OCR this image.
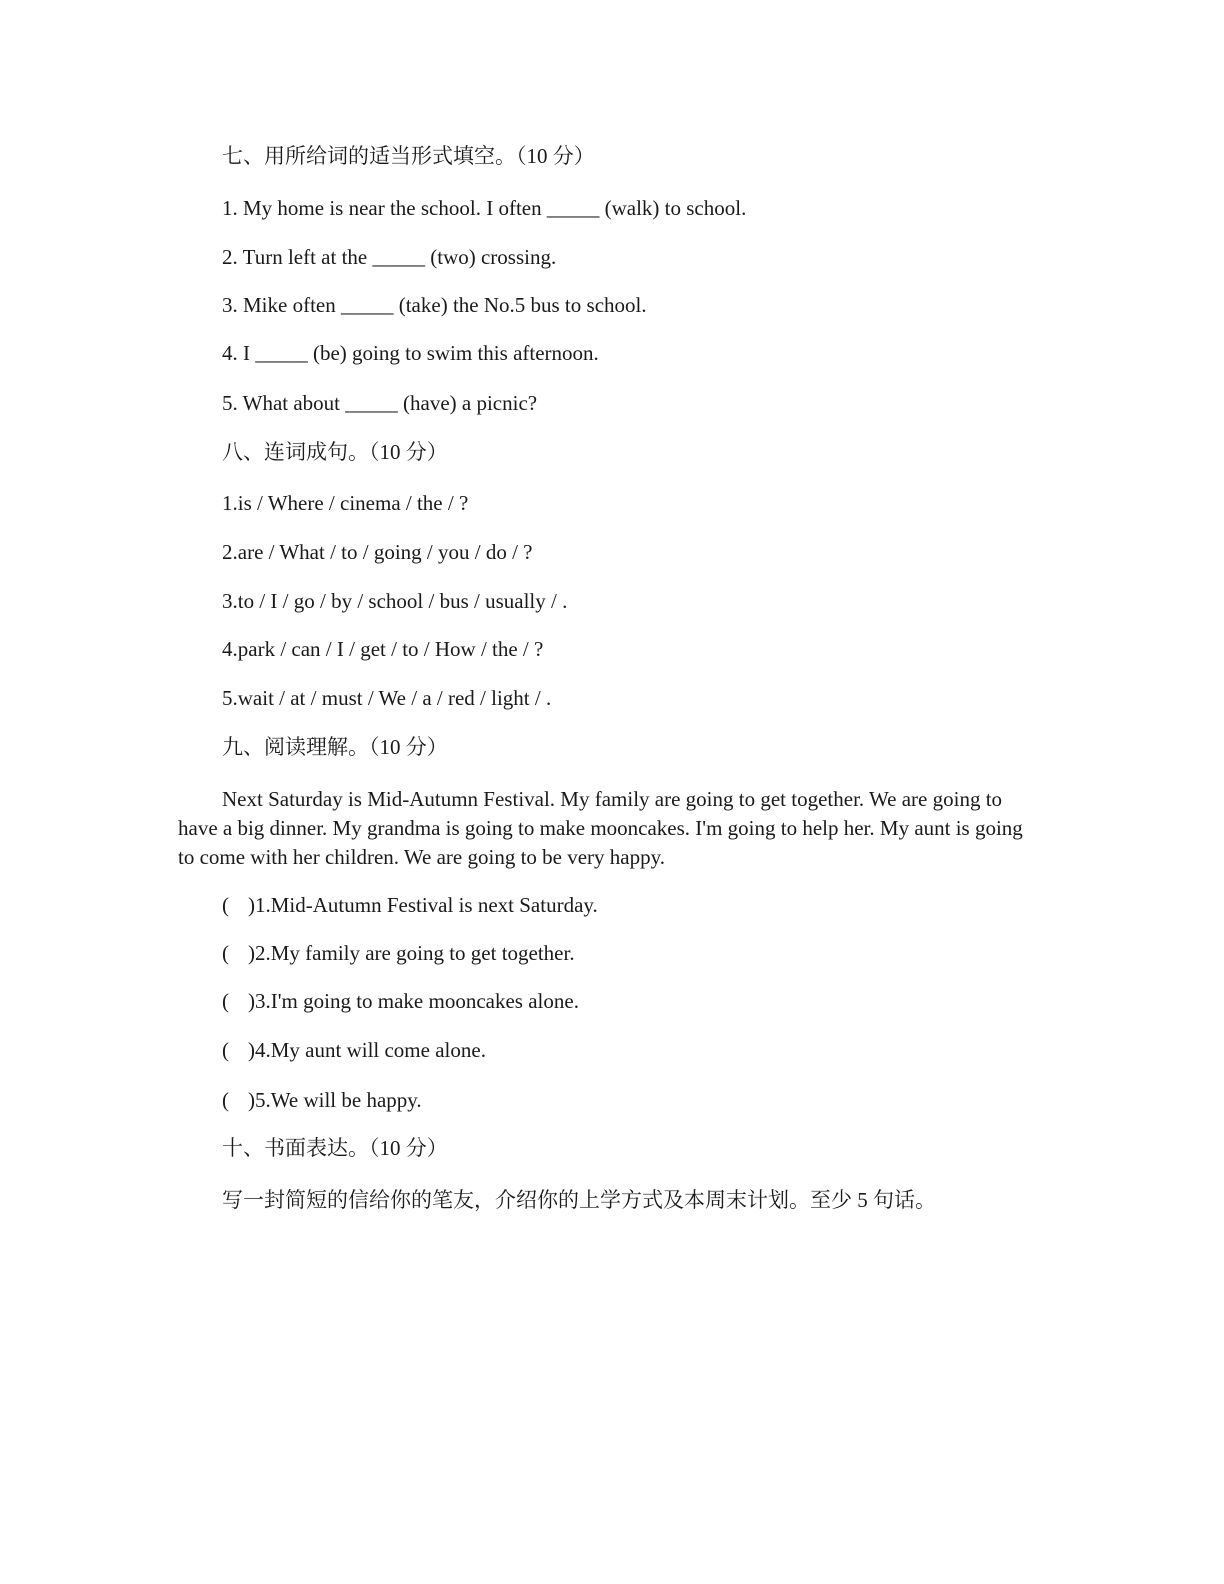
七、用所给词的适当形式填空。（10 分）

1. My home is near the school. I often _____ (walk) to school.

2. Turn left at the _____ (two) crossing.

3. Mike often _____ (take) the No.5 bus to school.

4. I _____ (be) going to swim this afternoon.

5. What about _____ (have) a picnic?

八、连词成句。（10 分）

1.is / Where / cinema / the / ?

2.are / What / to / going / you / do / ?

3.to / I / go / by / school / bus / usually / .

4.park / can / I / get / to / How / the / ?

5.wait / at / must / We / a / red / light / .

九、阅读理解。（10 分）

Next Saturday is Mid-Autumn Festival. My family are going to get together. We are going to have a big dinner. My grandma is going to make mooncakes. I'm going to help her. My aunt is going to come with her children. We are going to be very happy.

( )1.Mid-Autumn Festival is next Saturday.

( )2.My family are going to get together.

( )3.I'm going to make mooncakes alone.

( )4.My aunt will come alone.

( )5.We will be happy.

十、书面表达。（10 分）

写一封简短的信给你的笔友，介绍你的上学方式及本周末计划。至少 5 句话。
